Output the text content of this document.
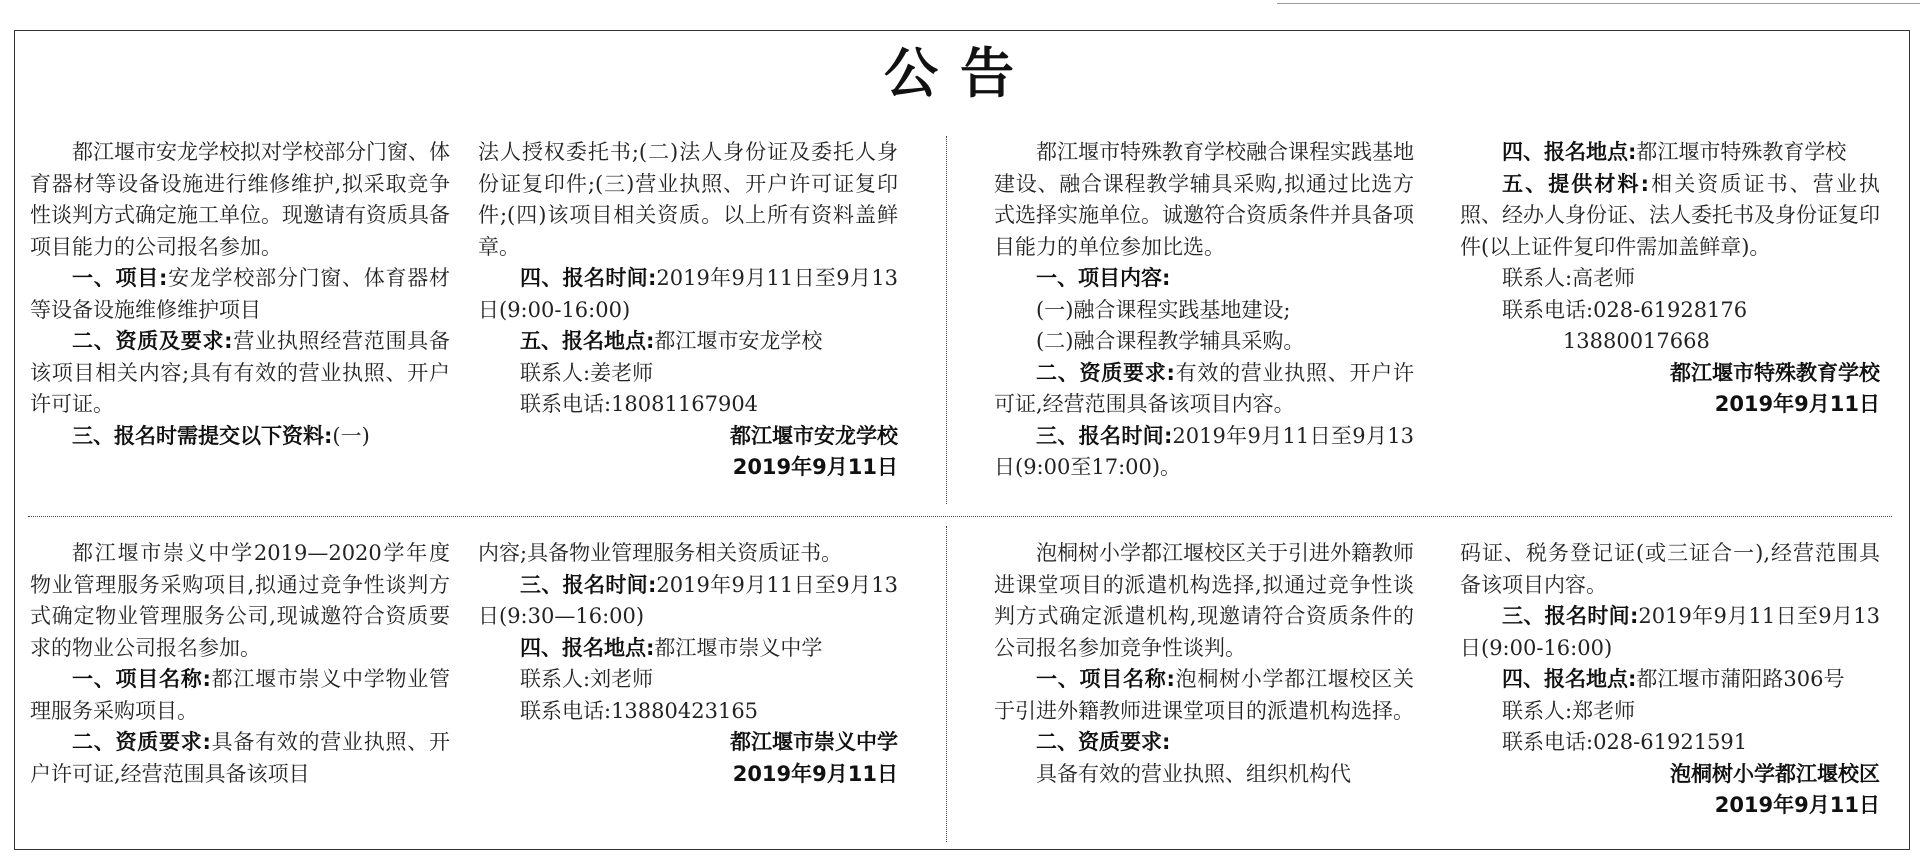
公告

都江堰市安龙学校拟对学校部分门窗、体育器材等设备设施进行维修维护,拟采取竞争性谈判方式确定施工单位。现邀请有资质具备项目能力的公司报名参加。

一、项目:安龙学校部分门窗、体育器材等设备设施维修维护项目

二、资质及要求:营业执照经营范围具备该项目相关内容;具有有效的营业执照、开户许可证。

三、报名时需提交以下资料:(一)

法人授权委托书;(二)法人身份证及委托人身份证复印件;(三)营业执照、开户许可证复印件;(四)该项目相关资质。以上所有资料盖鲜章。

四、报名时间:2019年9月11日至9月13日(9:00-16:00)

五、报名地点:都江堰市安龙学校

联系人:姜老师

联系电话:18081167904

都江堰市安龙学校

2019年9月11日

都江堰市特殊教育学校融合课程实践基地建设、融合课程教学辅具采购,拟通过比选方式选择实施单位。诚邀符合资质条件并具备项目能力的单位参加比选。

一、项目内容:

(一)融合课程实践基地建设;

(二)融合课程教学辅具采购。

二、资质要求:有效的营业执照、开户许可证,经营范围具备该项目内容。

三、报名时间:2019年9月11日至9月13日(9:00至17:00)。

四、报名地点:都江堰市特殊教育学校

五、提供材料:相关资质证书、营业执照、经办人身份证、法人委托书及身份证复印件(以上证件复印件需加盖鲜章)。

联系人:高老师

联系电话:028-61928176

13880017668

都江堰市特殊教育学校

2019年9月11日

都江堰市崇义中学2019—2020学年度物业管理服务采购项目,拟通过竞争性谈判方式确定物业管理服务公司,现诚邀符合资质要求的物业公司报名参加。

一、项目名称:都江堰市崇义中学物业管理服务采购项目。

二、资质要求:具备有效的营业执照、开户许可证,经营范围具备该项目

内容;具备物业管理服务相关资质证书。

三、报名时间:2019年9月11日至9月13日(9:30—16:00)

四、报名地点:都江堰市崇义中学

联系人:刘老师

联系电话:13880423165

都江堰市崇义中学

2019年9月11日

泡桐树小学都江堰校区关于引进外籍教师进课堂项目的派遣机构选择,拟通过竞争性谈判方式确定派遣机构,现邀请符合资质条件的公司报名参加竞争性谈判。

一、项目名称:泡桐树小学都江堰校区关于引进外籍教师进课堂项目的派遣机构选择。

二、资质要求:

具备有效的营业执照、组织机构代

码证、税务登记证(或三证合一),经营范围具备该项目内容。

三、报名时间:2019年9月11日至9月13日(9:00-16:00)

四、报名地点:都江堰市蒲阳路306号

联系人:郑老师

联系电话:028-61921591

泡桐树小学都江堰校区

2019年9月11日
